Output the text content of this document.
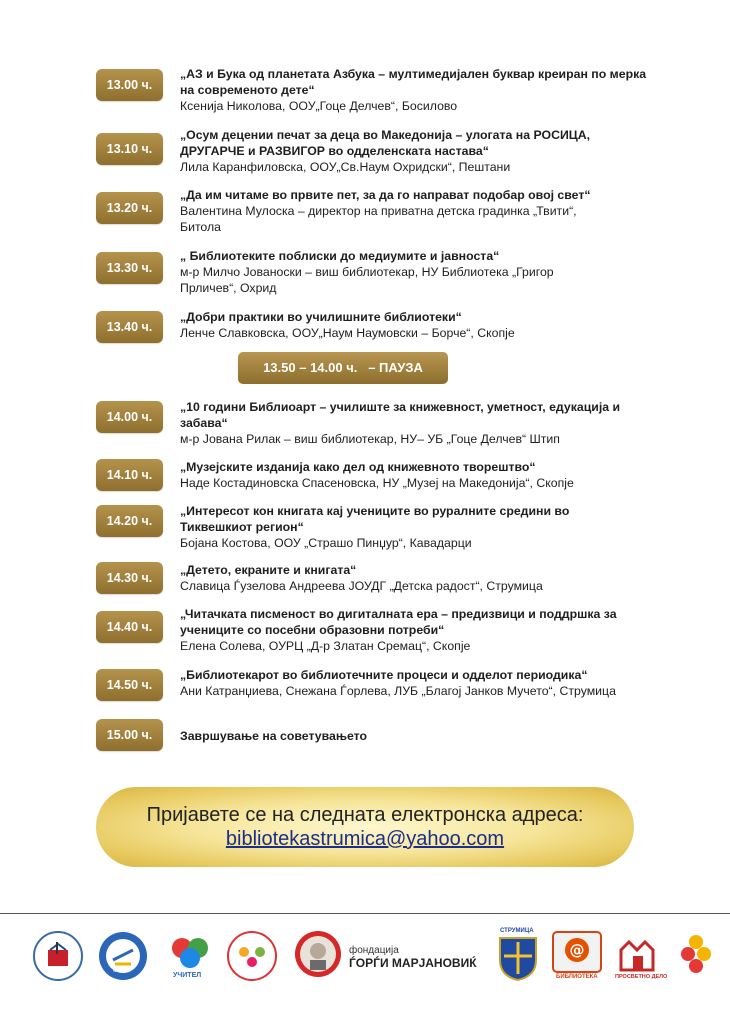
13.00 ч.
„АЗ и Бука од планетата Азбука – мултимедијален буквар креиран по мерка на современото дете“
Ксенија Николова, ООУ„Гоце Делчев“, Босилово
13.10 ч.
„Осум децении печат за деца во Македонија – улогата на РОСИЦА, ДРУГАРЧЕ и РАЗВИГОР во одделенската настава“
Лила Каранфиловска, ООУ„Св.Наум Охридски“, Пештани
13.20 ч.
„Да им читаме во првите пет, за да го направат подобар овој свет“
Валентина Мулоска – директор на приватна детска градинка „Твити“, Битола
13.30 ч.
„ Библиотеките поблиски до медиумите и јавноста“
м-р Милчо Јованоски – виш библиотекар, НУ Библиотека „Григор Прличев“, Охрид
13.40 ч.
„Добри практики во училишните библиотеки“
Ленче Славковска, ООУ„Наум Наумовски – Борче“, Скопје
13.50 – 14.00 ч.   – ПАУЗА
14.00 ч.
„10 години Библиоарт – училиште за книжевност, уметност, едукација и забава“
м-р Јована Рилак – виш библиотекар, НУ– УБ „Гоце Делчев“ Штип
14.10 ч.
„Музејските изданија како дел од книжевното творештво“
Наде Костадиновска Спасеновска, НУ „Музеј на Македонија“, Скопје
14.20 ч.
„Интересот кон книгата кај учениците во руралните средини во Тиквешкиот регион“
Бојана Костова, ООУ „Страшо Пинџур“, Кавадарци
14.30 ч.
„Детето, екраните и книгата“
Славица Ѓузелова Андреева ЈОУДГ „Детска радост“, Струмица
14.40 ч.
„Читачката писменост во дигиталната ера – предизвици и поддршка за учениците со посебни образовни потреби“
Елена Солева, ОУРЦ „Д-р Златан Сремац“, Скопје
14.50 ч.
„Библиотекарот во библиотечните процеси и одделот периодика“
Ани Катранџиева, Снежана Ѓорлева, ЛУБ „Благој Јанков Мучето“, Струмица
15.00 ч.	Завршување на советувањето
Пријавете се на следната електронска адреса:
bibliotekastrumica@yahoo.com
Скопје
УЧИТЕЛ
фондација
ЃОРЃИ МАРЈАНОВИЌ
СТРУМИЦА
@
БИБЛИОТЕКА	ПРОСВЕТНО ДЕЛО
